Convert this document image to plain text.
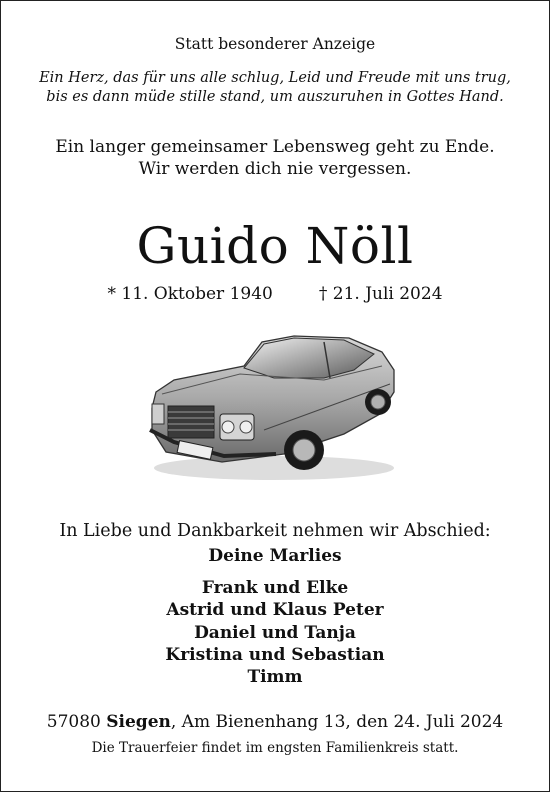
Statt besonderer Anzeige
Ein Herz, das für uns alle schlug, Leid und Freude mit uns trug,
bis es dann müde stille stand, um auszuruhen in Gottes Hand.
Ein langer gemeinsamer Lebensweg geht zu Ende.
Wir werden dich nie vergessen.
Guido Nöll
* 11. Oktober 1940	† 21. Juli 2024
In Liebe und Dankbarkeit nehmen wir Abschied:
Deine Marlies
Frank und Elke
Astrid und Klaus Peter
Daniel und Tanja
Kristina und Sebastian
Timm
57080 Siegen, Am Bienenhang 13, den 24. Juli 2024
Die Trauerfeier findet im engsten Familienkreis statt.
